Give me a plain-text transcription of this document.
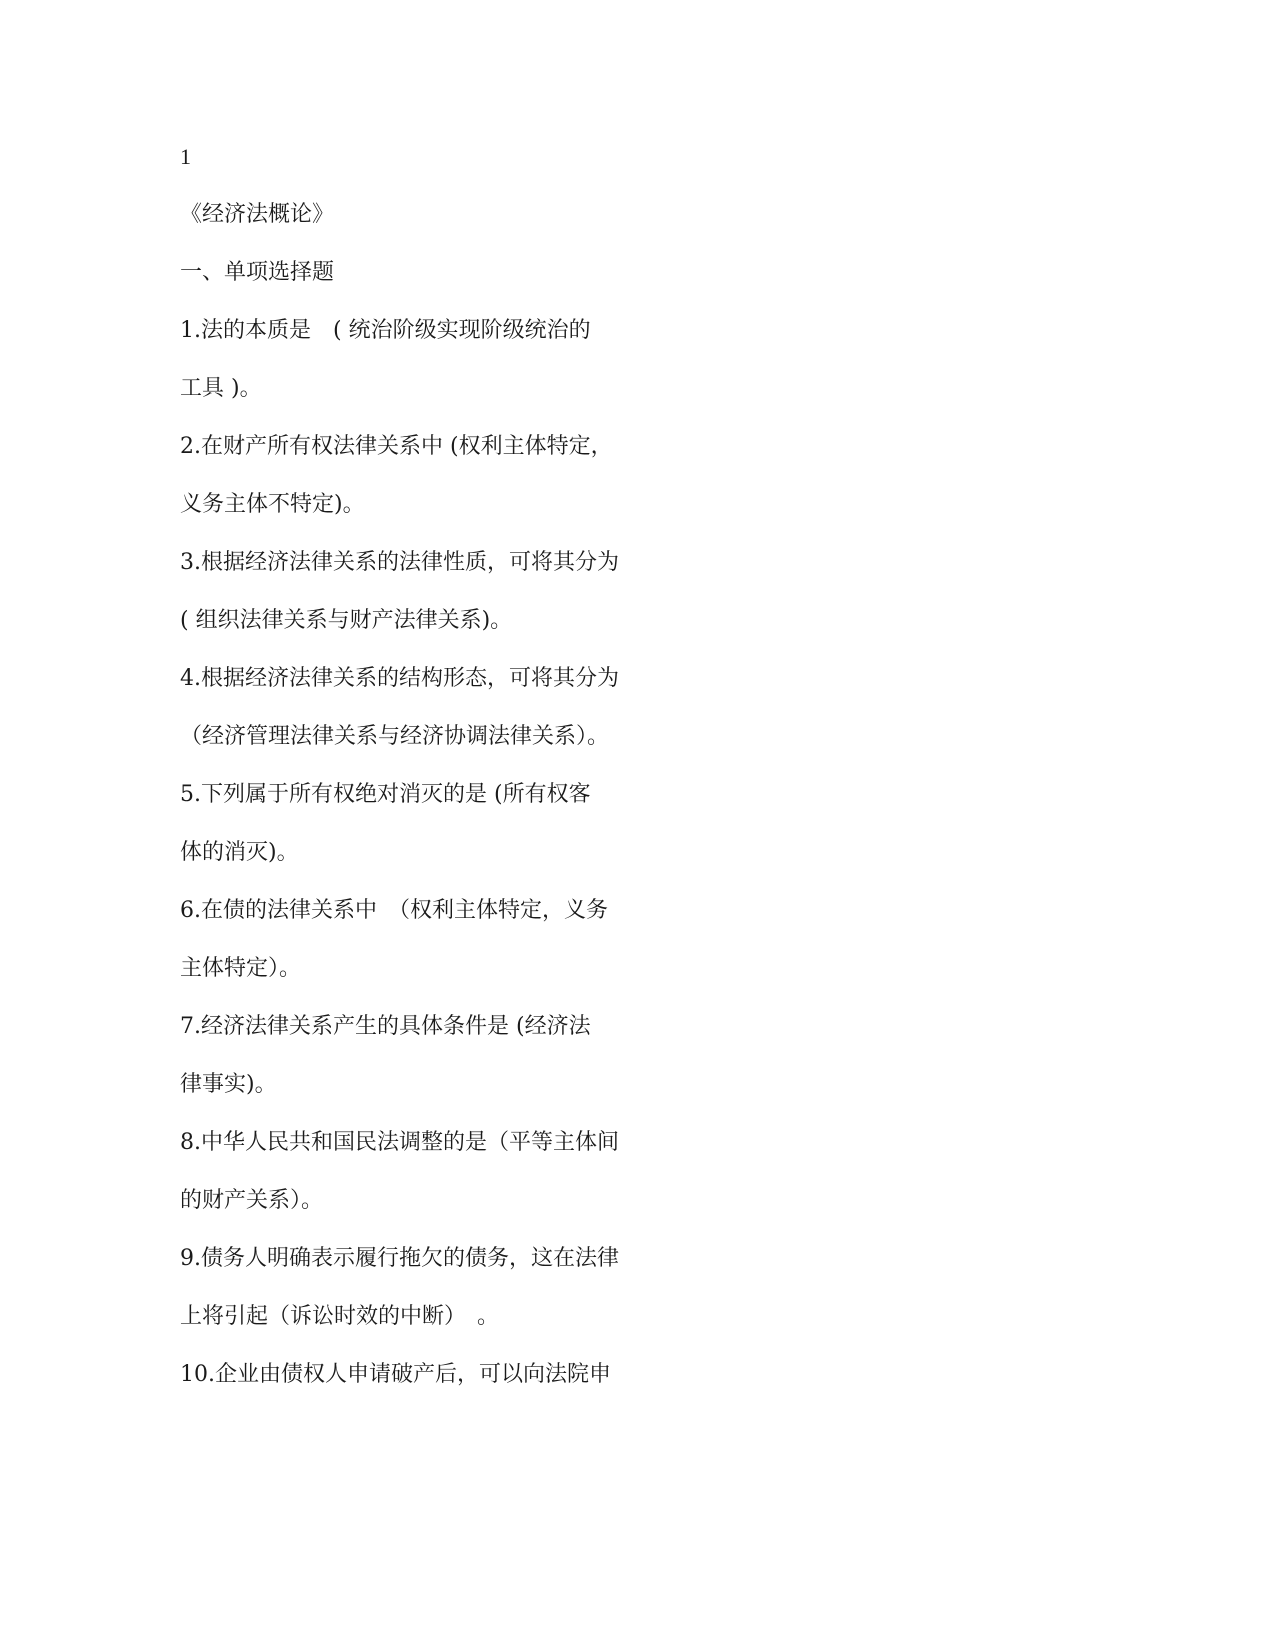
1
《经济法概论》
一、单项选择题
1.法的本质是　( 统治阶级实现阶级统治的
工具 )。
2.在财产所有权法律关系中 (权利主体特定，
义务主体不特定)。
3.根据经济法律关系的法律性质，可将其分为
( 组织法律关系与财产法律关系)。
4.根据经济法律关系的结构形态，可将其分为
（经济管理法律关系与经济协调法律关系）。
5.下列属于所有权绝对消灭的是 (所有权客
体的消灭)。
6.在债的法律关系中　（权利主体特定，义务
主体特定）。
7.经济法律关系产生的具体条件是 (经济法
律事实)。
8.中华人民共和国民法调整的是（平等主体间
的财产关系）。
9.债务人明确表示履行拖欠的债务，这在法律
上将引起（诉讼时效的中断）　。
10.企业由债权人申请破产后，可以向法院申
